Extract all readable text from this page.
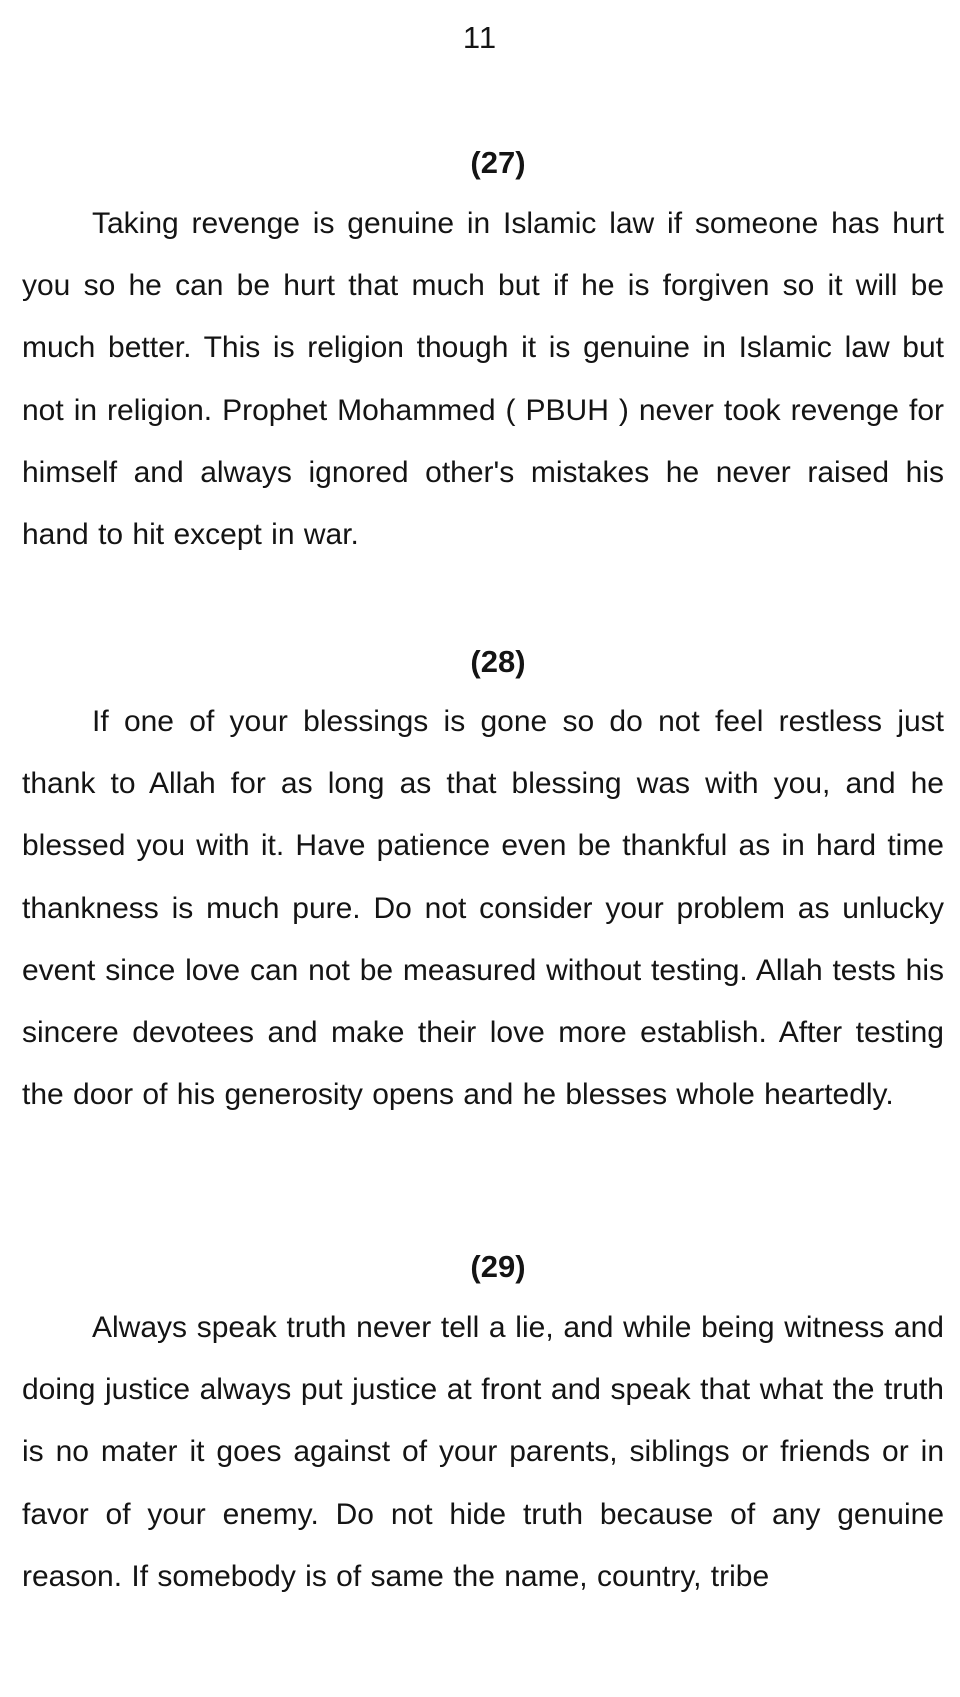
11
(27)

Taking revenge is genuine in Islamic law if someone has hurt you so he can be hurt that much but if he is forgiven so it will be much better. This is religion though it is genuine in Islamic law but not in religion. Prophet Mohammed ( PBUH ) never took revenge for himself and always ignored other's mistakes he never raised his hand to hit except in war.

(28)

If one of your blessings is gone so do not feel restless just thank to Allah for as long as that blessing was with you, and he blessed you with it. Have patience even be thankful as in hard time thankness is much pure. Do not consider your problem as unlucky event since love can not be measured without testing. Allah tests his sincere devotees and make their love more establish. After testing the door of his generosity opens and he blesses whole heartedly.

(29)

Always speak truth never tell a lie, and while being witness and doing justice always put justice at front and speak that what the truth is no mater it goes against of your parents, siblings or friends or in favor of your enemy. Do not hide truth because of any genuine reason. If somebody is of same the name, country, tribe
